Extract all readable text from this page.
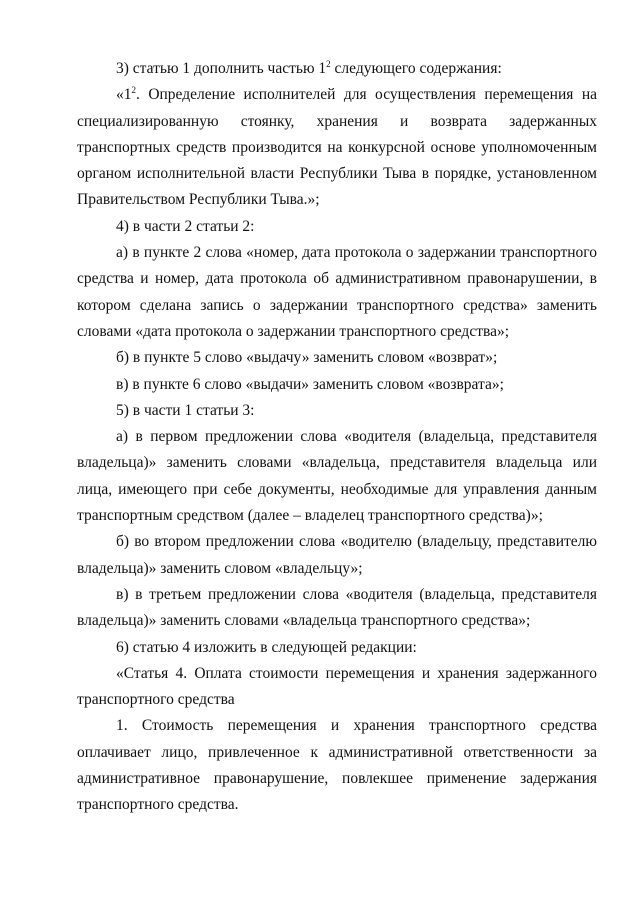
3) статью 1 дополнить частью $1^2$ следующего содержания:

«$1^2$. Определение исполнителей для осуществления перемещения на специализированную стоянку, хранения и возврата задержанных транспортных средств производится на конкурсной основе уполномоченным органом исполнительной власти Республики Тыва в порядке, установленном Правительством Республики Тыва.»;

4) в части 2 статьи 2:

а) в пункте 2 слова «номер, дата протокола о задержании транспортного средства и номер, дата протокола об административном правонарушении, в котором сделана запись о задержании транспортного средства» заменить словами «дата протокола о задержании транспортного средства»;

б) в пункте 5 слово «выдачу» заменить словом «возврат»;

в) в пункте 6 слово «выдачи» заменить словом «возврата»;

5) в части 1 статьи 3:

а) в первом предложении слова «водителя (владельца, представителя владельца)» заменить словами «владельца, представителя владельца или лица, имеющего при себе документы, необходимые для управления данным транспортным средством (далее – владелец транспортного средства)»;

б) во втором предложении слова «водителю (владельцу, представителю владельца)» заменить словом «владельцу»;

в) в третьем предложении слова «водителя (владельца, представителя владельца)» заменить словами «владельца транспортного средства»;

6) статью 4 изложить в следующей редакции:

«Статья 4. Оплата стоимости перемещения и хранения задержанного транспортного средства

1. Стоимость перемещения и хранения транспортного средства оплачивает лицо, привлеченное к административной ответственности за административное правонарушение, повлекшее применение задержания транспортного средства.
